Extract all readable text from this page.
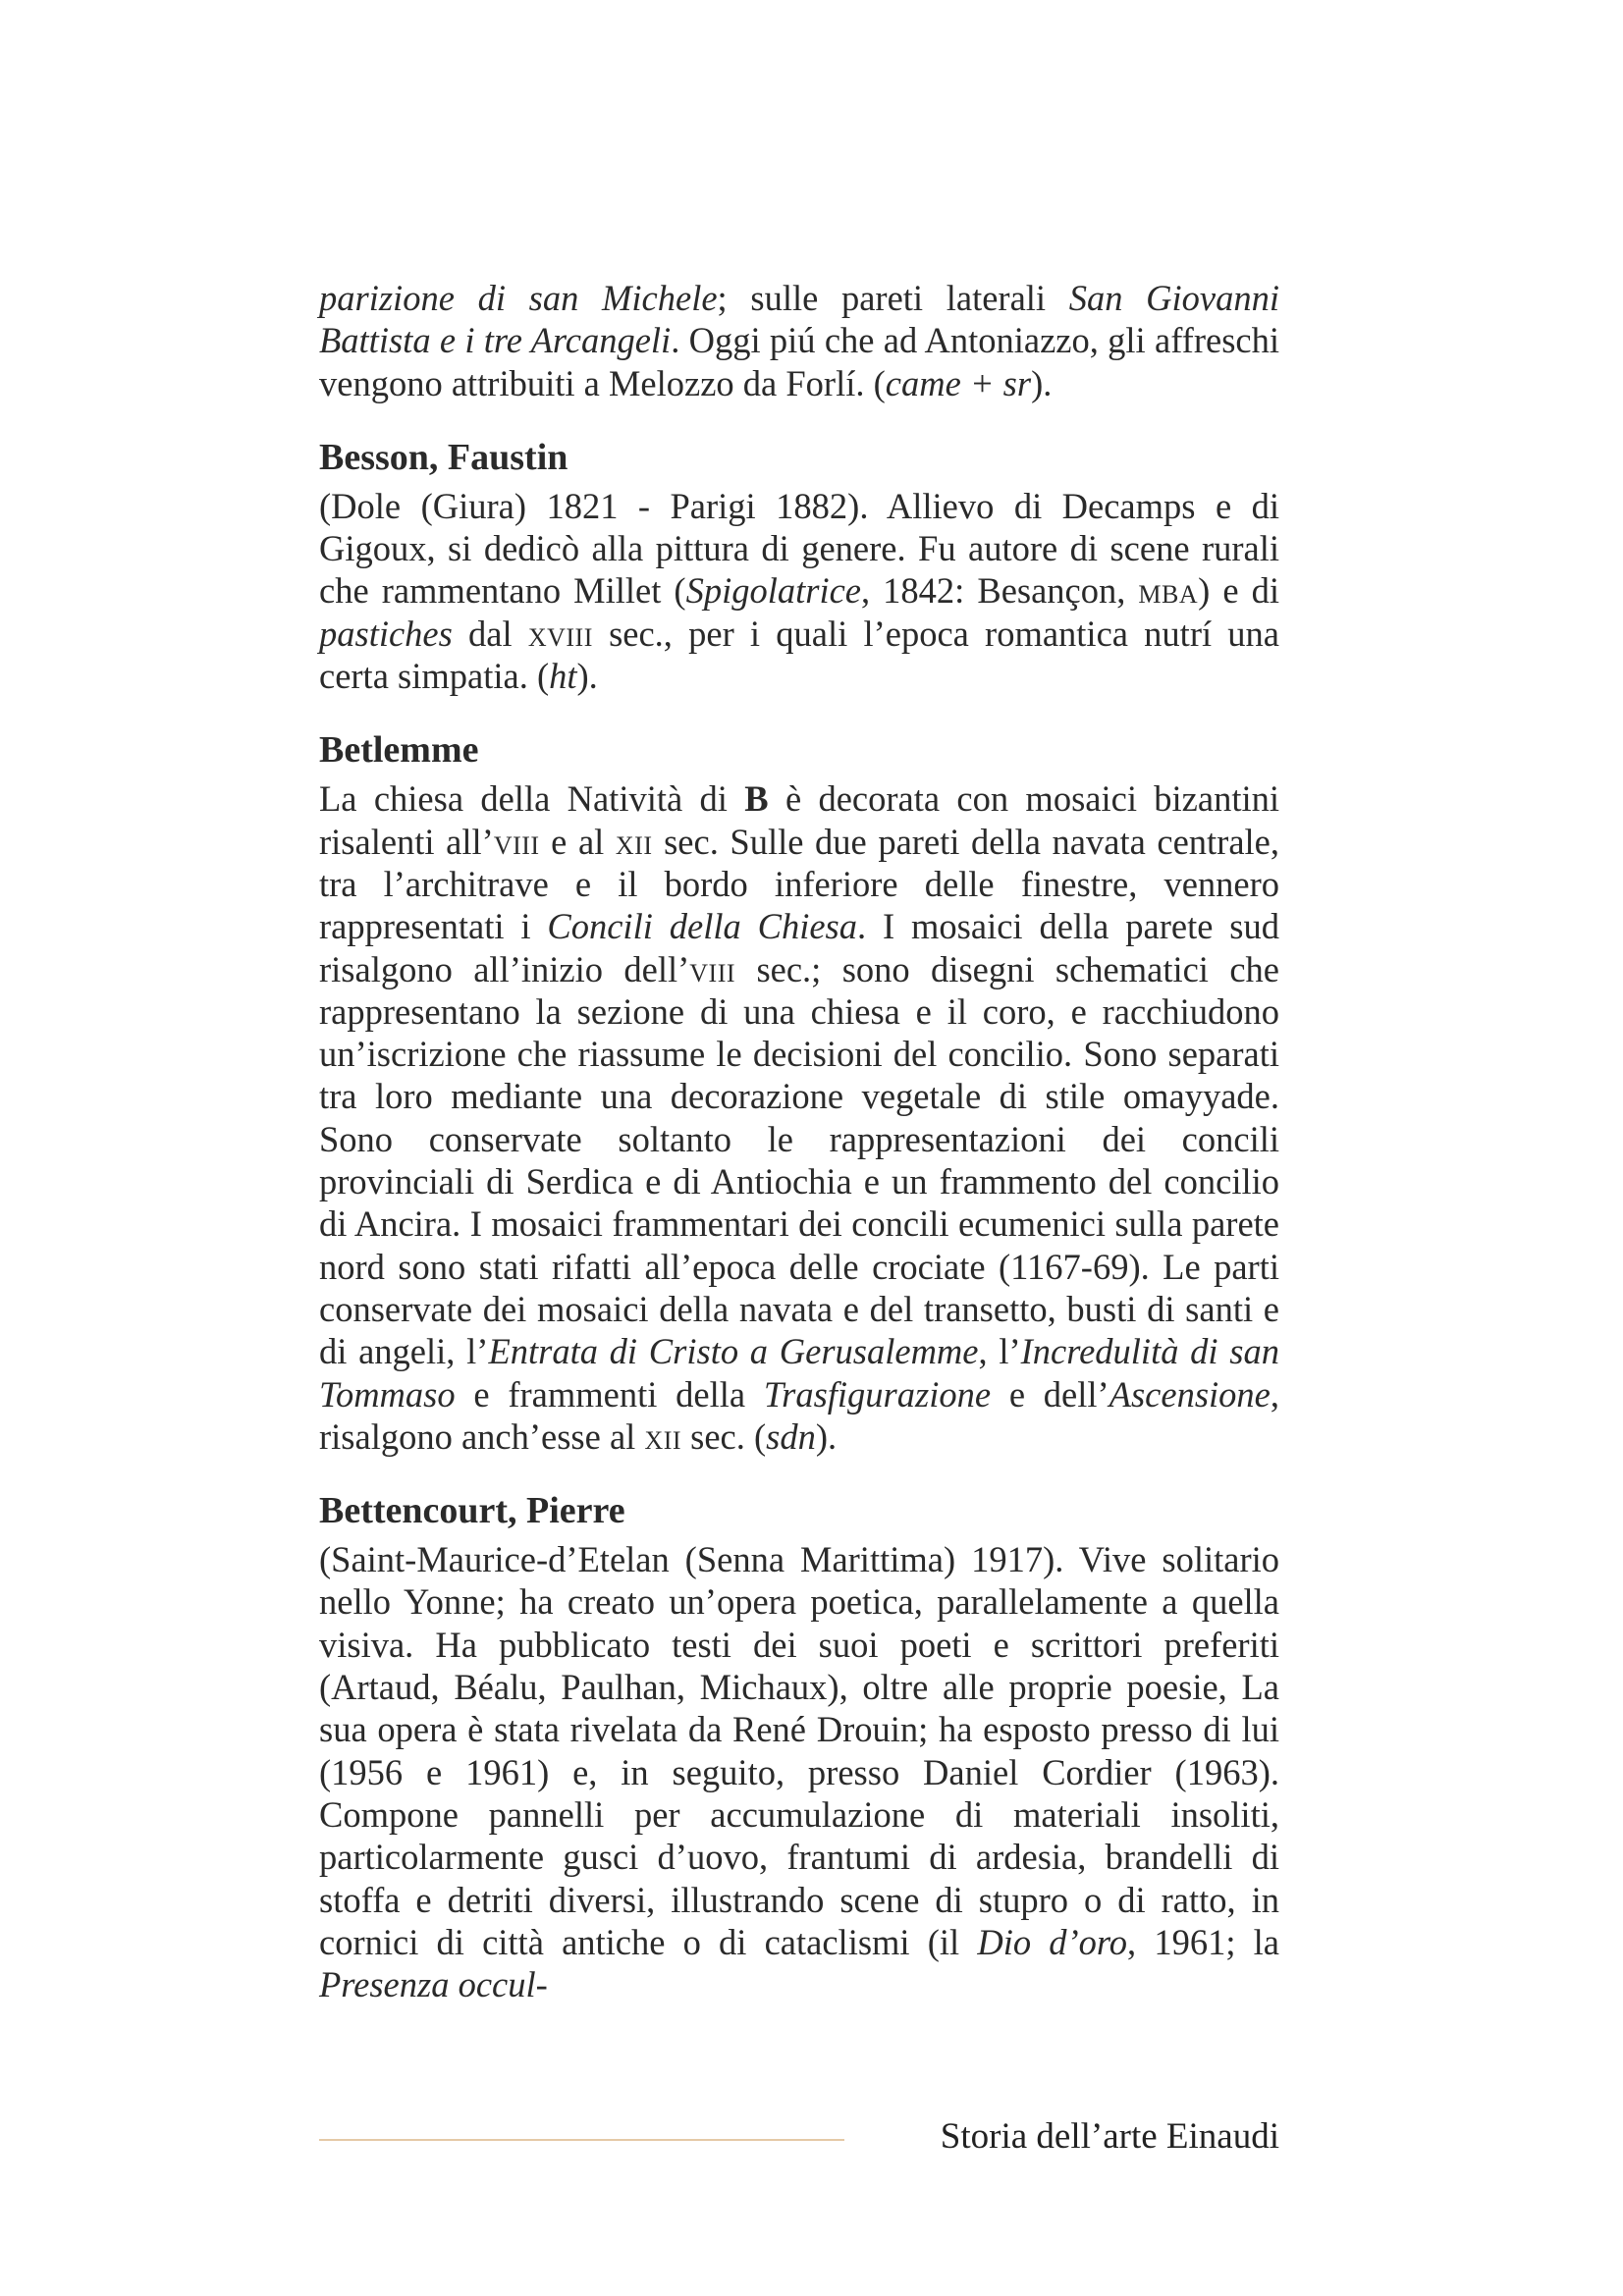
parizione di san Michele; sulle pareti laterali San Giovanni Battista e i tre Arcangeli. Oggi piú che ad Antoniazzo, gli affreschi vengono attribuiti a Melozzo da Forlí. (came + sr).

Besson, Faustin

(Dole (Giura) 1821 - Parigi 1882). Allievo di Decamps e di Gigoux, si dedicò alla pittura di genere. Fu autore di scene rurali che rammentano Millet (Spigolatrice, 1842: Besançon, mba) e di pastiches dal xviii sec., per i quali l’epoca romantica nutrí una certa simpatia. (ht).

Betlemme

La chiesa della Natività di B è decorata con mosaici bizantini risalenti all’viii e al xii sec. Sulle due pareti della navata centrale, tra l’architrave e il bordo inferiore delle finestre, vennero rappresentati i Concili della Chiesa. I mosaici della parete sud risalgono all’inizio dell’viii sec.; sono disegni schematici che rappresentano la sezione di una chiesa e il coro, e racchiudono un’iscrizione che riassume le decisioni del concilio. Sono separati tra loro mediante una decorazione vegetale di stile omayyade. Sono conservate soltanto le rappresentazioni dei concili provinciali di Serdica e di Antiochia e un frammento del concilio di Ancira. I mosaici frammentari dei concili ecumenici sulla parete nord sono stati rifatti all’epoca delle crociate (1167-69). Le parti conservate dei mosaici della navata e del transetto, busti di santi e di angeli, l’Entrata di Cristo a Gerusalemme, l’Incredulità di san Tommaso e frammenti della Trasfigurazione e dell’Ascensione, risalgono anch’esse al xii sec. (sdn).

Bettencourt, Pierre

(Saint-Maurice-d’Etelan (Senna Marittima) 1917). Vive solitario nello Yonne; ha creato un’opera poetica, parallelamente a quella visiva. Ha pubblicato testi dei suoi poeti e scrittori preferiti (Artaud, Béalu, Paulhan, Michaux), oltre alle proprie poesie, La sua opera è stata rivelata da René Drouin; ha esposto presso di lui (1956 e 1961) e, in seguito, presso Daniel Cordier (1963). Compone pannelli per accumulazione di materiali insoliti, particolarmente gusci d’uovo, frantumi di ardesia, brandelli di stoffa e detriti diversi, illustrando scene di stupro o di ratto, in cornici di città antiche o di cataclismi (il Dio d’oro, 1961; la Presenza occul-

Storia dell’arte Einaudi
